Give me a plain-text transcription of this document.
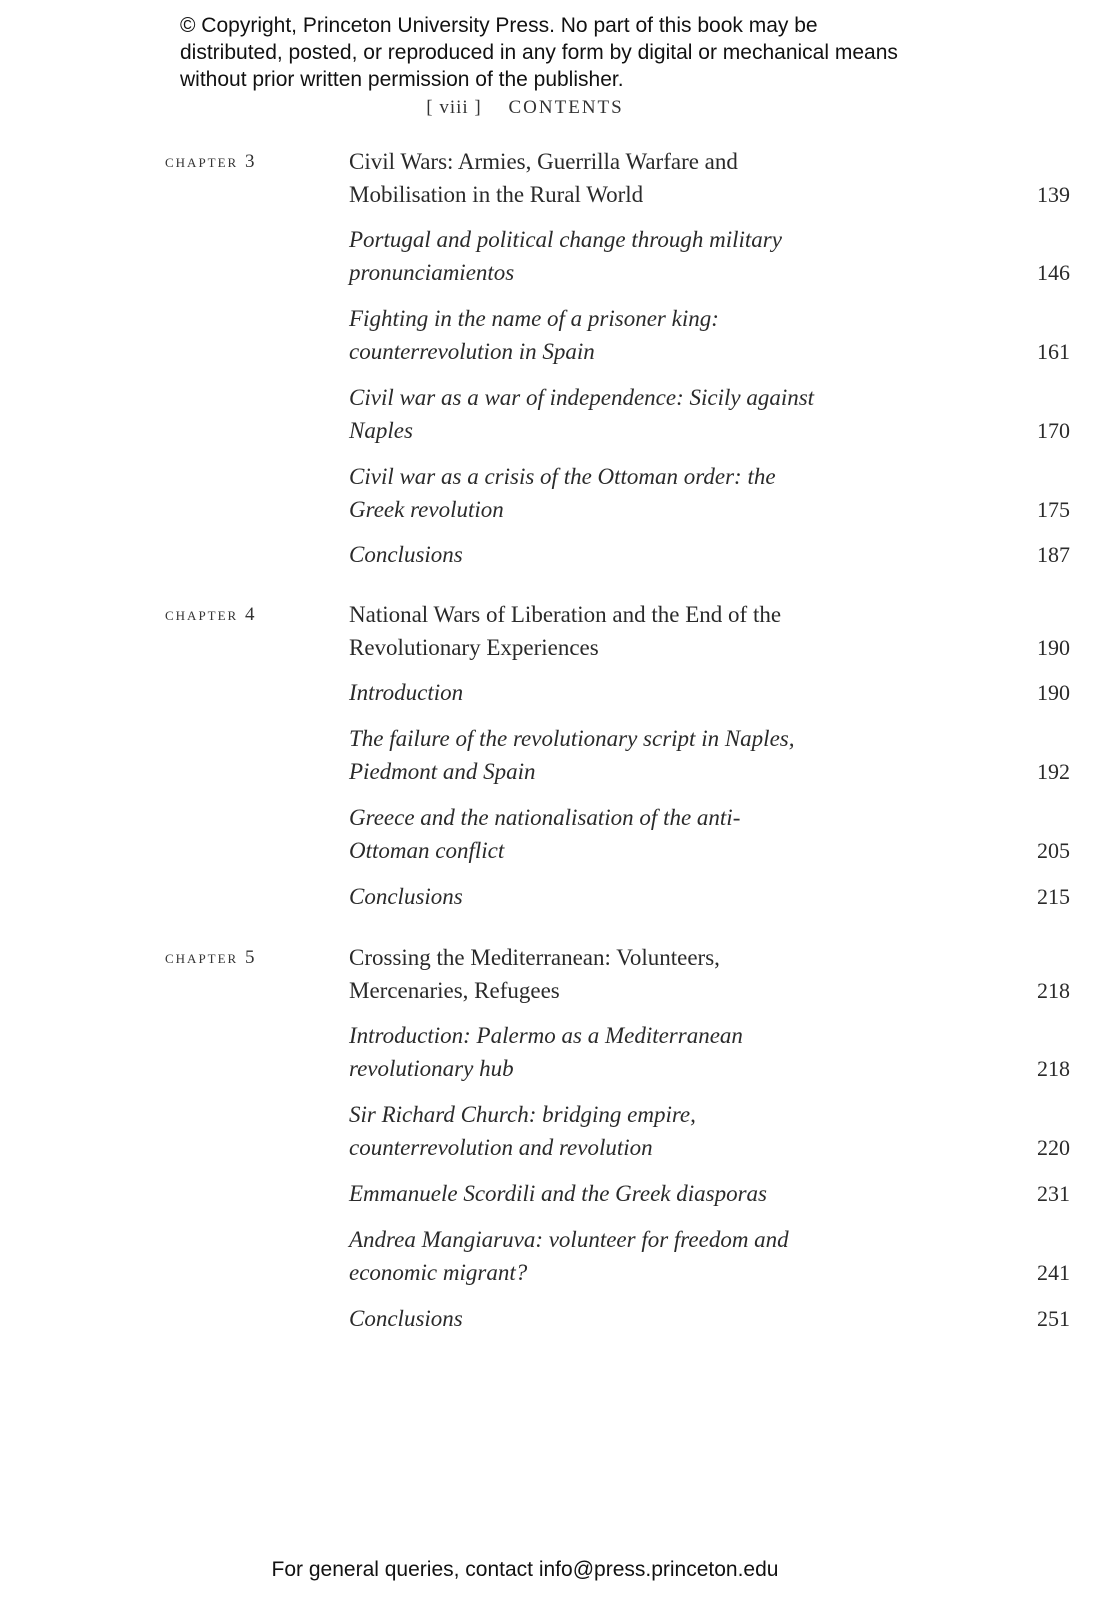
© Copyright, Princeton University Press. No part of this book may be distributed, posted, or reproduced in any form by digital or mechanical means without prior written permission of the publisher.
[ viii ] CONTENTS
chapter 3	Civil Wars: Armies, Guerrilla Warfare and Mobilisation in the Rural World	139
Portugal and political change through military pronunciamientos	146
Fighting in the name of a prisoner king: counterrevolution in Spain	161
Civil war as a war of independence: Sicily against Naples	170
Civil war as a crisis of the Ottoman order: the Greek revolution	175
Conclusions	187
chapter 4	National Wars of Liberation and the End of the Revolutionary Experiences	190
Introduction	190
The failure of the revolutionary script in Naples, Piedmont and Spain	192
Greece and the nationalisation of the anti-Ottoman conflict	205
Conclusions	215
chapter 5	Crossing the Mediterranean: Volunteers, Mercenaries, Refugees	218
Introduction: Palermo as a Mediterranean revolutionary hub	218
Sir Richard Church: bridging empire, counterrevolution and revolution	220
Emmanuele Scordili and the Greek diasporas	231
Andrea Mangiaruva: volunteer for freedom and economic migrant?	241
Conclusions	251
For general queries, contact info@press.princeton.edu
